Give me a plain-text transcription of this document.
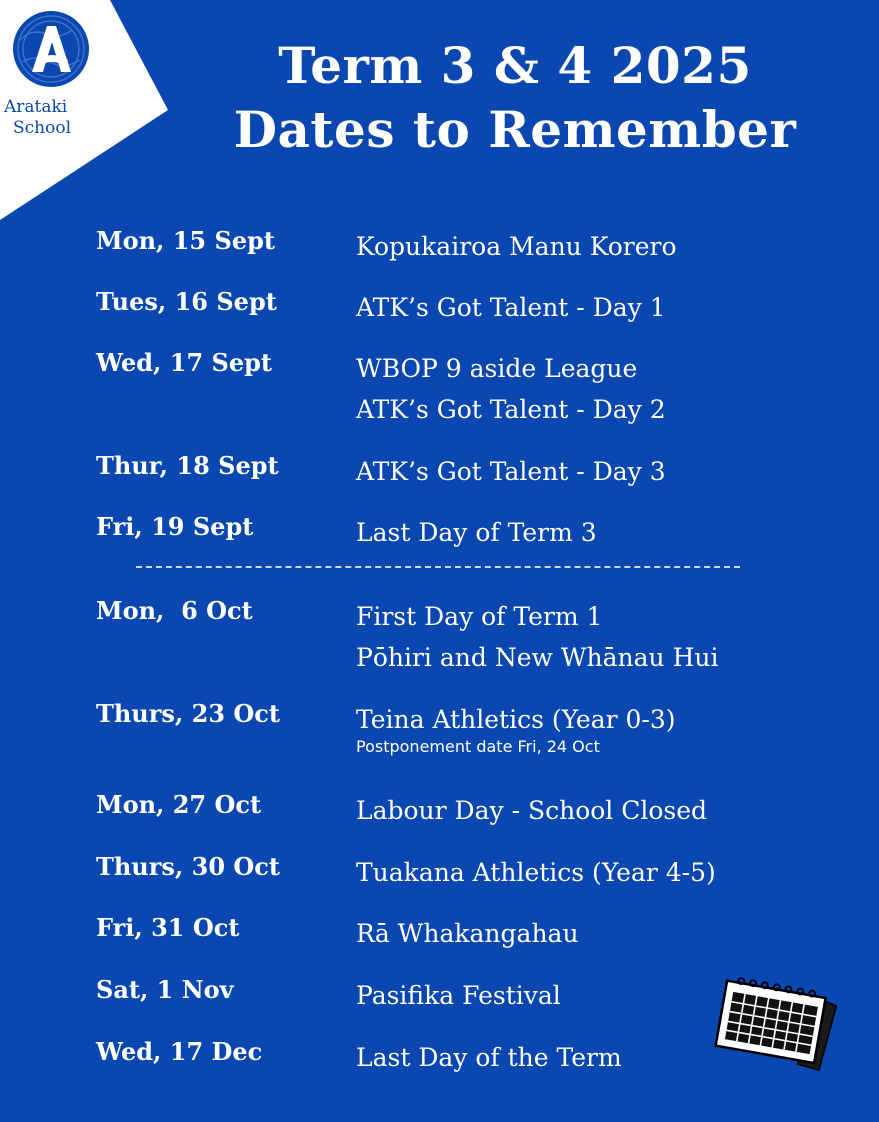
Arataki
School
Term 3 & 4 2025
Dates to Remember
Mon, 15 Sept	Kopukairoa Manu Korero
Tues, 16 Sept	ATK’s Got Talent - Day 1
Wed, 17 Sept	WBOP 9 aside League
ATK’s Got Talent - Day 2
Thur, 18 Sept	ATK’s Got Talent - Day 3
Fri, 19 Sept	Last Day of Term 3
Mon,  6 Oct	First Day of Term 1
Pōhiri and New Whānau Hui
Thurs, 23 Oct	Teina Athletics (Year 0-3)
Postponement date Fri, 24 Oct
Mon, 27 Oct	Labour Day - School Closed
Thurs, 30 Oct	Tuakana Athletics (Year 4-5)
Fri, 31 Oct	Rā Whakangahau
Sat, 1 Nov	Pasifika Festival
Wed, 17 Dec	Last Day of the Term
